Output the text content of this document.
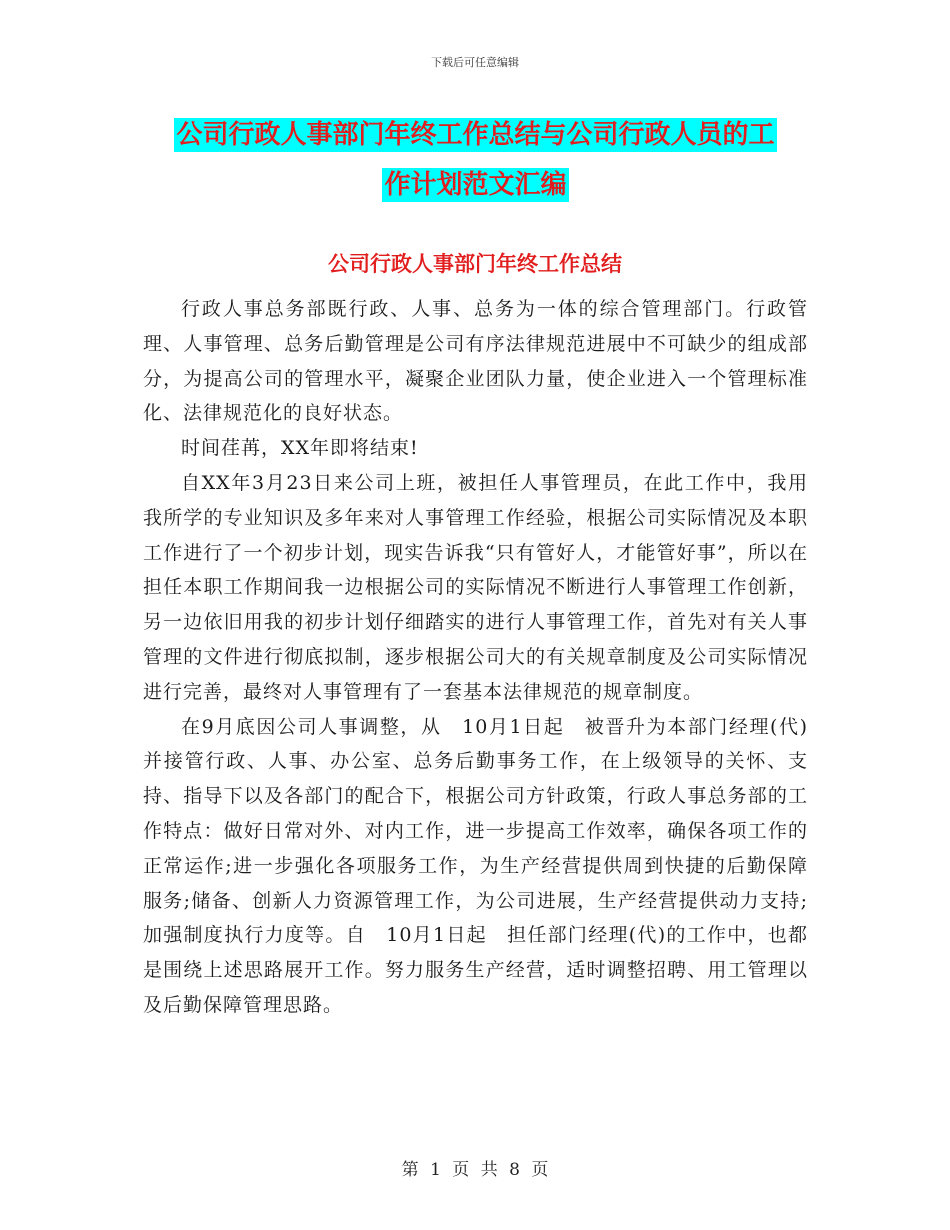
下载后可任意编辑
公司行政人事部门年终工作总结与公司行政人员的工
作计划范文汇编
公司行政人事部门年终工作总结

行政人事总务部既行政、人事、总务为一体的综合管理部门。行政管理、人事管理、总务后勤管理是公司有序法律规范进展中不可缺少的组成部分，为提高公司的管理水平，凝聚企业团队力量，使企业进入一个管理标准化、法律规范化的良好状态。

时间荏苒，XX年即将结束!

自XX年3月23日来公司上班，被担任人事管理员，在此工作中，我用我所学的专业知识及多年来对人事管理工作经验，根据公司实际情况及本职工作进行了一个初步计划，现实告诉我“只有管好人，才能管好事”，所以在担任本职工作期间我一边根据公司的实际情况不断进行人事管理工作创新，另一边依旧用我的初步计划仔细踏实的进行人事管理工作，首先对有关人事管理的文件进行彻底拟制，逐步根据公司大的有关规章制度及公司实际情况进行完善，最终对人事管理有了一套基本法律规范的规章制度。

在9月底因公司人事调整，从　10月1日起　被晋升为本部门经理(代)并接管行政、人事、办公室、总务后勤事务工作，在上级领导的关怀、支持、指导下以及各部门的配合下，根据公司方针政策，行政人事总务部的工作特点：做好日常对外、对内工作，进一步提高工作效率，确保各项工作的正常运作;进一步强化各项服务工作，为生产经营提供周到快捷的后勤保障服务;储备、创新人力资源管理工作，为公司进展，生产经营提供动力支持;加强制度执行力度等。自　10月1日起　担任部门经理(代)的工作中，也都是围绕上述思路展开工作。努力服务生产经营，适时调整招聘、用工管理以及后勤保障管理思路。

第 1 页 共 8 页
